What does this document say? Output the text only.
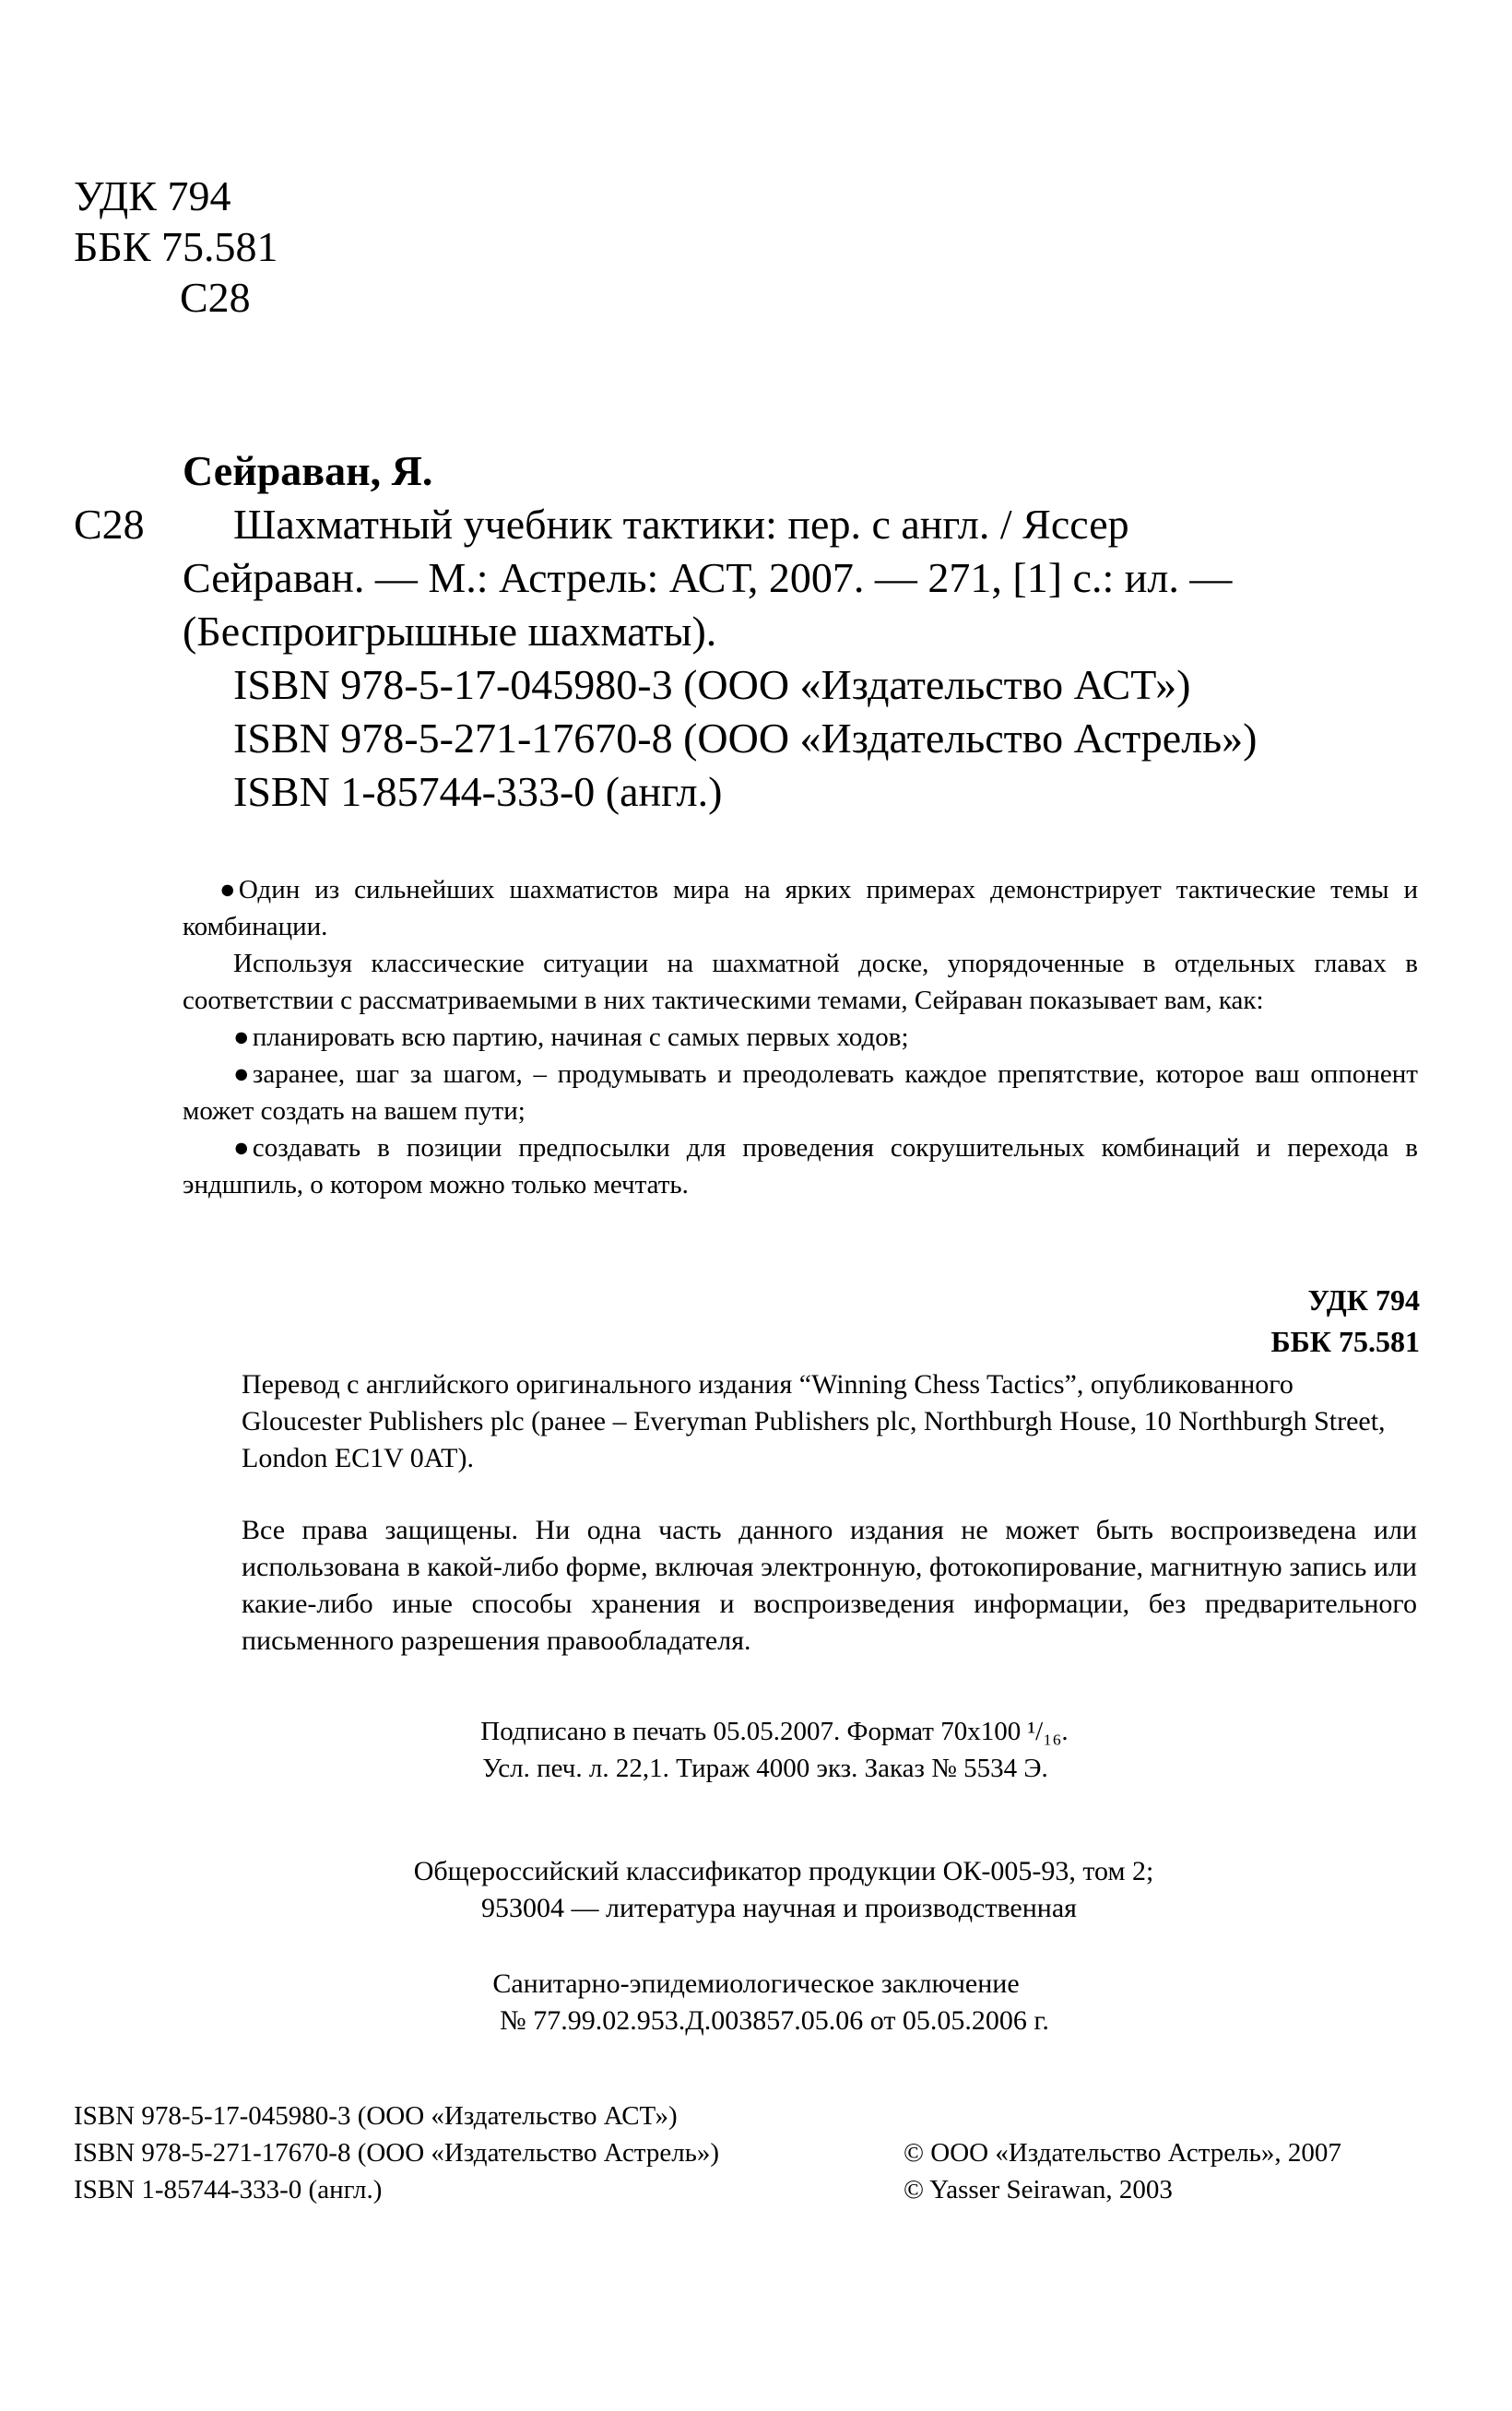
УДК 794
ББК 75.581
С28
Сейраван, Я.
С28	Шахматный учебник тактики: пер. с англ. / Яссер
Сейраван. — М.: Астрель: АСТ, 2007. — 271, [1] с.: ил. —
(Беспроигрышные шахматы).
ISBN 978-5-17-045980-3 (ООО «Издательство АСТ»)
ISBN 978-5-271-17670-8 (ООО «Издательство Астрель»)
ISBN 1-85744-333-0 (англ.)

● Один из сильнейших шахматистов мира на ярких примерах демонстрирует тактические темы и комбинации.

Используя классические ситуации на шахматной доске, упорядоченные в отдельных главах в соответствии с рассматриваемыми в них тактическими темами, Сейраван показывает вам, как:

● планировать всю партию, начиная с самых первых ходов;

● заранее, шаг за шагом, – продумывать и преодолевать каждое препятствие, которое ваш оппонент может создать на вашем пути;

● создавать в позиции предпосылки для проведения сокрушительных комбинаций и перехода в эндшпиль, о котором можно только мечтать.

УДК 794
ББК 75.581
Перевод с английского оригинального издания “Winning Chess Tactics”, опубликованного Gloucester Publishers plc (ранее – Everyman Publishers plc, Northburgh House, 10 Northburgh Street, London EC1V 0AT).
Все права защищены. Ни одна часть данного издания не может быть воспроизведена или использована в какой-либо форме, включая электронную, фотокопирование, магнитную запись или какие-либо иные способы хранения и воспроизведения информации, без предварительного письменного разрешения правообладателя.
Подписано в печать 05.05.2007. Формат 70x100 ¹/₁₆.
Усл. печ. л. 22,1. Тираж 4000 экз. Заказ № 5534 Э.
Общероссийский классификатор продукции ОК-005-93, том 2;
953004 — литература научная и производственная
Санитарно-эпидемиологическое заключение
№ 77.99.02.953.Д.003857.05.06 от 05.05.2006 г.
ISBN 978-5-17-045980-3 (ООО «Издательство АСТ»)
ISBN 978-5-271-17670-8 (ООО «Издательство Астрель»)
ISBN 1-85744-333-0 (англ.)
© ООО «Издательство Астрель», 2007
© Yasser Seirawan, 2003
